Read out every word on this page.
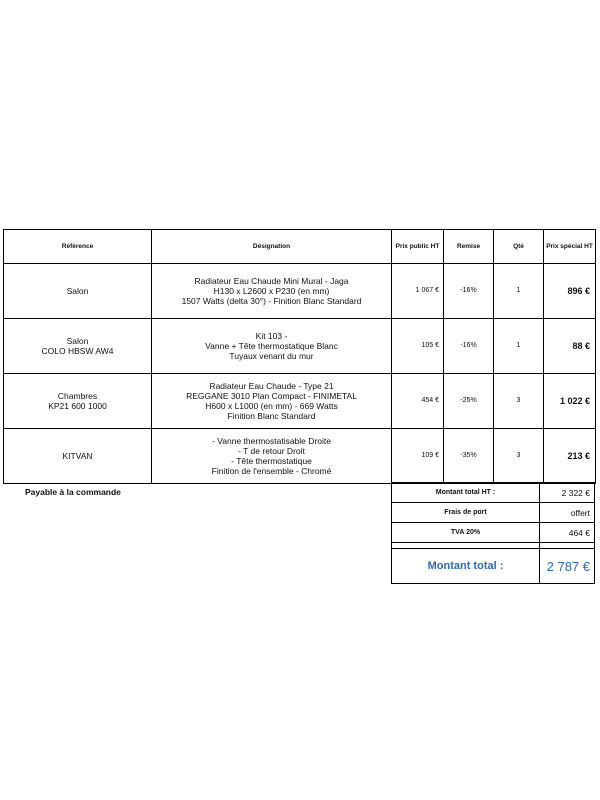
Référence	Désignation	Prix public HT	Remise	Qté	Prix spécial HT

Salon	Radiateur Eau Chaude Mini Mural - Jaga
H130 x L2600 x P230 (en mm)
1507 Watts (delta 30°) - Finition Blanc Standard	1 067 €	-16%	1	896 €

Salon
COLO HBSW AW4	Kit 103 -
Vanne + Tête thermostatique Blanc
Tuyaux venant du mur	105 €	-16%	1	88 €

Chambres
KP21 600 1000	Radiateur Eau Chaude - Type 21
REGGANE 3010 Plan Compact - FINIMETAL
H600 x L1000 (en mm) - 669 Watts
Finition Blanc Standard	454 €	-25%	3	1 022 €

KITVAN	- Vanne thermostatisable Droite
- T de retour Droit
- Tête thermostatique
Finition de l'ensemble - Chromé	109 €	-35%	3	213 €
Payable à la commande	Montant total HT :	2 322 €
Frais de port	offert
TVA 20%	464 €

Montant total :	2 787 €
